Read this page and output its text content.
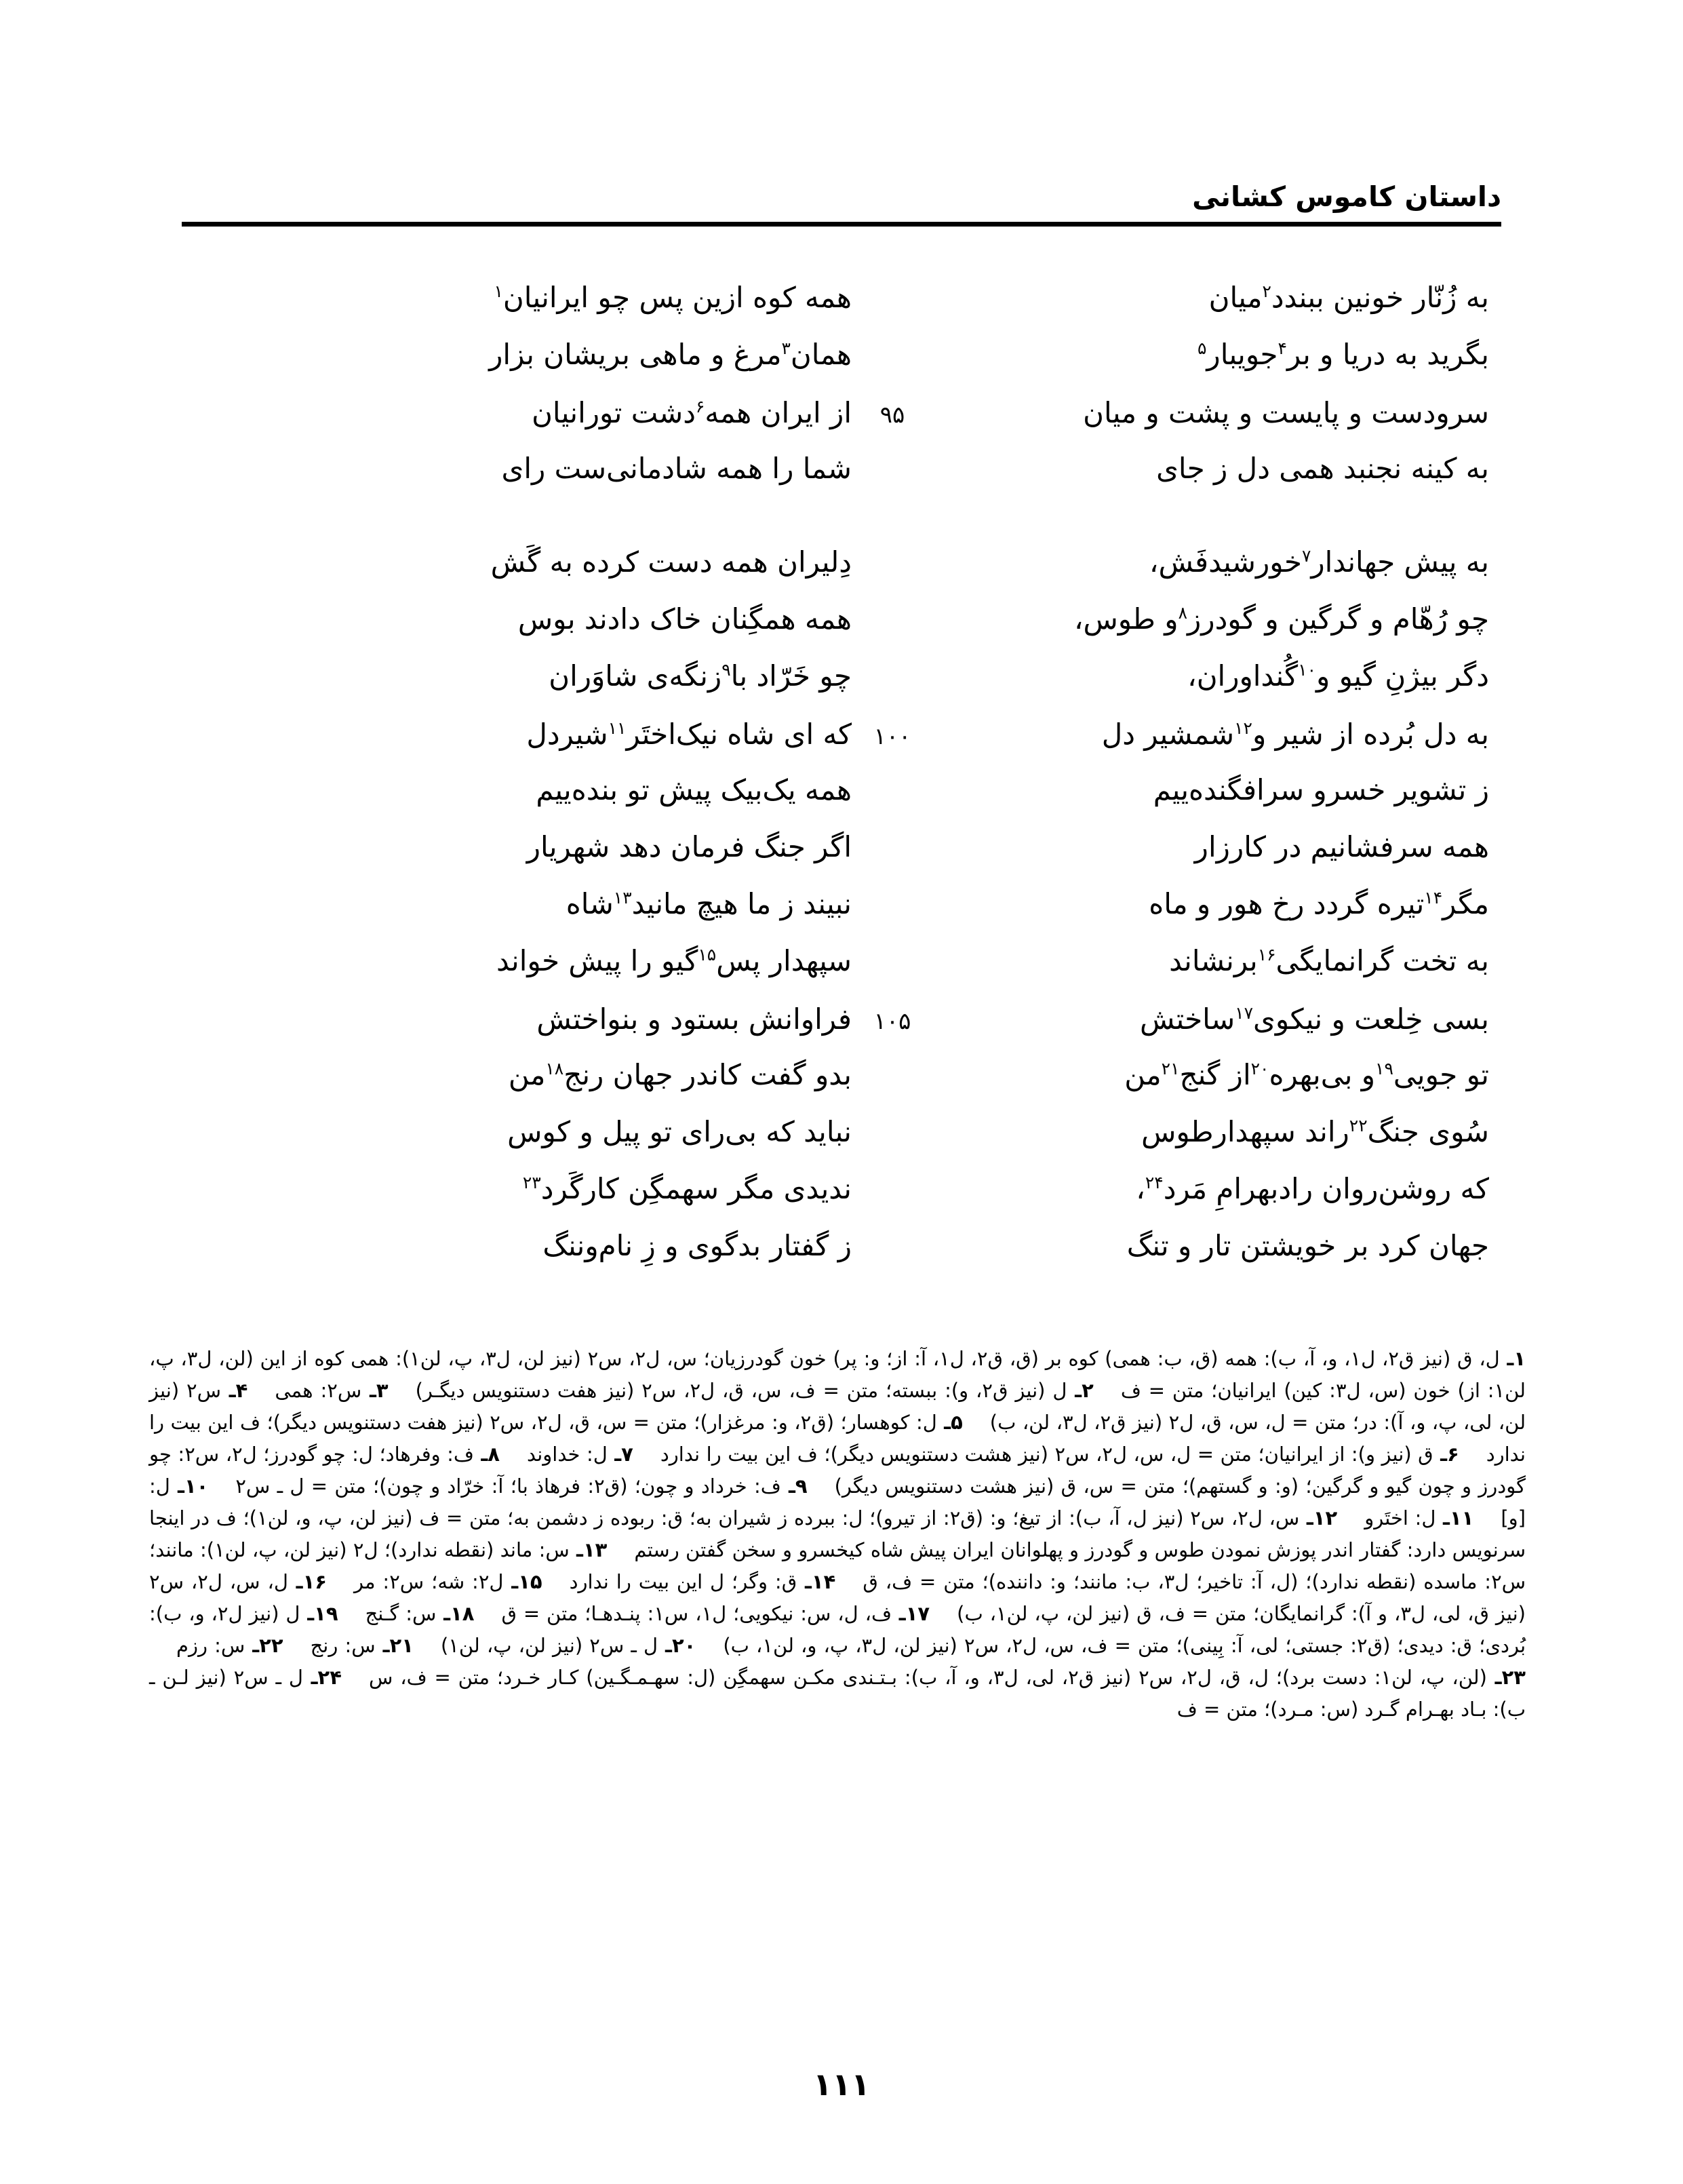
داستان کاموس کشانی
به زُنّار خونین ببندد$^۲$میان
همه کوه ازین پس چو ایرانیان$^۱$
بگرید به دریا و بر$^۴$جویبار$^۵$
همان$^۳$مرغ و ماهی بریشان بزار
سرودست و پایست و پشت و میان
۹۵
از ایران همه$^۶$دشت تورانیان
به کینه نجنبد همی دل ز جای
شما را همه شادمانی‌ست رای
به پیش جهاندار$^۷$خورشیدفَش،
دِلیران همه دست کرده به گَش
چو رُهّام و گرگین و گودرز$^۸$و طوس،
همه همگِنان خاک دادند بوس
دگر بیژنِ گیو و$^{۱۰}$گُنداوران،
چو خَرّاد با$^۹$زنگه‌ی شاوَران
به دل بُرده از شیر و$^{۱۲}$شمشیر دل
۱۰۰
که ای شاه نیک‌اختَر$^{۱۱}$شیردل
ز تشویر خسرو سرافگنده‌ییم
همه یک‌بیک پیش تو بنده‌ییم
همه سرفشانیم در کارزار
اگر جنگ فرمان دهد شهریار
مگر$^{۱۴}$تیره گردد رخ هور و ماه
نبیند ز ما هیچ مانید$^{۱۳}$شاه
به تخت گرانمایگی$^{۱۶}$برنشاند
سپهدار پس$^{۱۵}$گیو را پیش خواند
بسی خِلعت و نیکوی$^{۱۷}$ساختش
۱۰۵
فراوانش بستود و بنواختش
تو جویی$^{۱۹}$و بی‌بهره$^{۲۰}$از گنج$^{۲۱}$من
بدو گفت کاندر جهان رنج$^{۱۸}$من
سُوی جنگ$^{۲۲}$راند سپهدارطوس
نباید که بی‌رای تو پیل و کوس
که روشن‌روان رادبهرامِ مَرد$^{۲۴}$،
ندیدی مگر سهمگِن کارگَرد$^{۲۳}$
جهان کرد بر خویشتن تار و تنگ
ز گفتار بدگوی و زِ نام‌وننگ
۱ـ ل، ق (نیز ق۲، ل۱، و، آ، ب): همه (ق، ب: همی) کوه بر (ق، ق۲، ل۱، آ: از؛ و: پر) خون گودرزیان؛ س، ل۲، س۲ (نیز لن، ل۳، پ، لن۱): همی کوه از این (لن، ل۳، پ، لن۱: از) خون (س، ل۳: کین) ایرانیان؛ متن = ف۲ـ ل (نیز ق۲، و): ببسته؛ متن = ف، س، ق، ل۲، س۲ (نیز هفت دستنویس دیگـر)۳ـ س۲: همی۴ـ س۲ (نیز لن، لی، پ، و، آ): در؛ متن = ل، س، ق، ل۲ (نیز ق۲، ل۳، لن، ب)۵ـ ل: کوهسار؛ (ق۲، و: مرغزار)؛ متن = س، ق، ل۲، س۲ (نیز هفت دستنویس دیگر)؛ ف این بیت را ندارد۶ـ ق (نیز و): از ایرانیان؛ متن = ل، س، ل۲، س۲ (نیز هشت دستنویس دیگر)؛ ف این بیت را ندارد۷ـ ل: خداوند۸ـ ف: وفرهاد؛ ل: چو گودرز؛ ل۲، س۲: چو گودرز و چون گیو و گرگین؛ (و: و گستهم)؛ متن = س، ق (نیز هشت دستنویس دیگر)۹ـ ف: خرداد و چون؛ (ق۲: فرهاذ با؛ آ: خرّاد و چون)؛ متن = ل ـ س۲۱۰ـ ل: [و]۱۱ـ ل: اختَرو۱۲ـ س، ل۲، س۲ (نیز ل، آ، ب): از تیغ؛ و: (ق۲: از تیرو)؛ ل: ببرده ز شیران به؛ ق: ربوده ز دشمن به؛ متن = ف (نیز لن، پ، و، لن۱)؛ ف در اینجا سرنویس دارد: گفتار اندر پوزش نمودن طوس و گودرز و پهلوانان ایران پیش شاه کیخسرو و سخن گفتن رستم۱۳ـ س: ماند (نقطه ندارد)؛ ل۲ (نیز لن، پ، لن۱): مانند؛ س۲: ماسده (نقطه ندارد)؛ (ل، آ: تاخیر؛ ل۳، ب: مانند؛ و: داننده)؛ متن = ف، ق۱۴ـ ق: وگر؛ ل این بیت را ندارد۱۵ـ ل۲: شه؛ س۲: مر۱۶ـ ل، س، ل۲، س۲ (نیز ق، لی، ل۳، و آ): گرانمایگان؛ متن = ف، ق (نیز لن، پ، لن۱، ب)۱۷ـ ف، ل، س: نیکویی؛ ل۱، س۱: پنـدهـا؛ متن = ق۱۸ـ س: گـنج۱۹ـ ل (نیز ل۲، و، ب): بُردی؛ ق: دیدی؛ (ق۲: جستی؛ لی، آ: بِینی)؛ متن = ف، س، ل۲، س۲ (نیز لن، ل۳، پ، و، لن۱، ب)۲۰ـ ل ـ س۲ (نیز لن، پ، لن۱)۲۱ـ س: رنج۲۲ـ س: رزم۲۳ـ (لن، پ، لن۱: دست برد)؛ ل، ق، ل۲، س۲ (نیز ق۲، لی، ل۳، و، آ، ب): بـتـندی مکـن سهمگِن (ل: سهـمـگـین) کـار خـرد؛ متن = ف، س۲۴ـ ل ـ س۲ (نیز لـن ـ ب): بـاد بهـرام گـرد (س: مـرد)؛ متن = ف
۱۱۱
